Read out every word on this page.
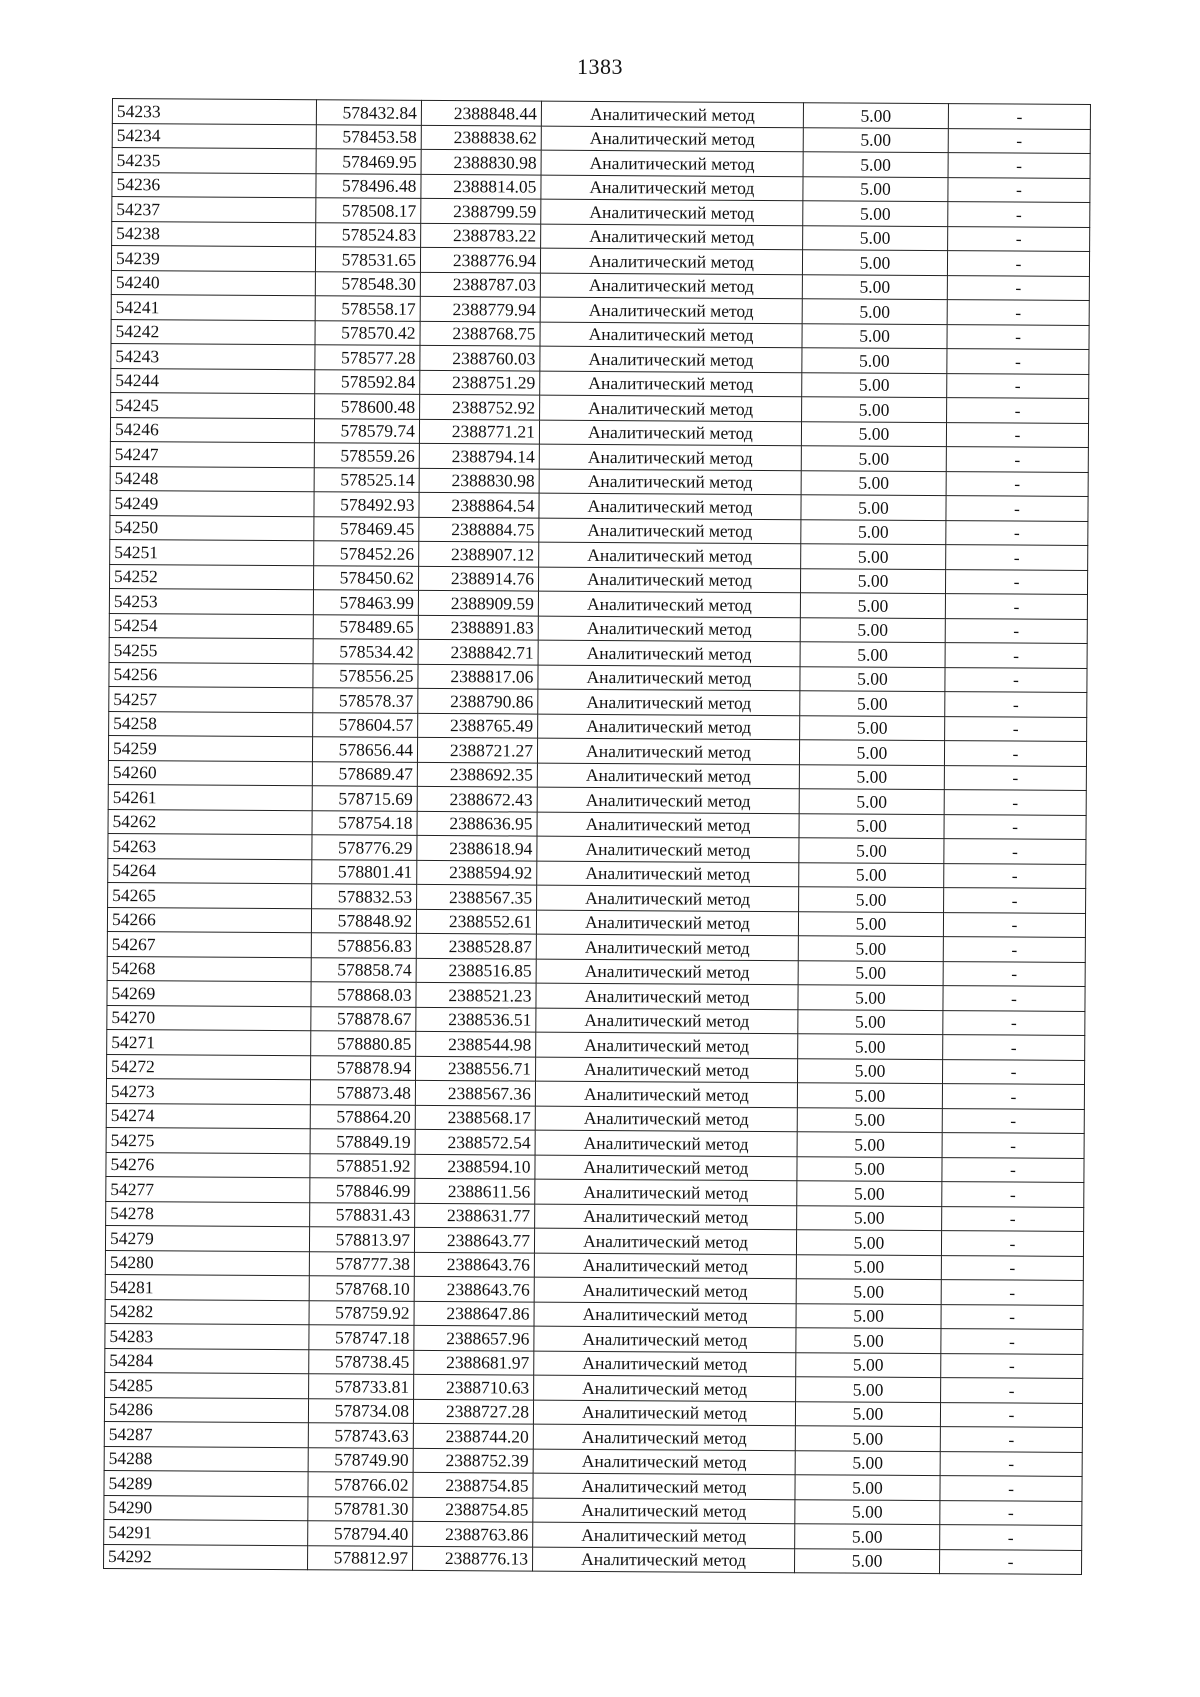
1383
54233	578432.84	2388848.44	Аналитический метод	5.00	-
54234	578453.58	2388838.62	Аналитический метод	5.00	-
54235	578469.95	2388830.98	Аналитический метод	5.00	-
54236	578496.48	2388814.05	Аналитический метод	5.00	-
54237	578508.17	2388799.59	Аналитический метод	5.00	-
54238	578524.83	2388783.22	Аналитический метод	5.00	-
54239	578531.65	2388776.94	Аналитический метод	5.00	-
54240	578548.30	2388787.03	Аналитический метод	5.00	-
54241	578558.17	2388779.94	Аналитический метод	5.00	-
54242	578570.42	2388768.75	Аналитический метод	5.00	-
54243	578577.28	2388760.03	Аналитический метод	5.00	-
54244	578592.84	2388751.29	Аналитический метод	5.00	-
54245	578600.48	2388752.92	Аналитический метод	5.00	-
54246	578579.74	2388771.21	Аналитический метод	5.00	-
54247	578559.26	2388794.14	Аналитический метод	5.00	-
54248	578525.14	2388830.98	Аналитический метод	5.00	-
54249	578492.93	2388864.54	Аналитический метод	5.00	-
54250	578469.45	2388884.75	Аналитический метод	5.00	-
54251	578452.26	2388907.12	Аналитический метод	5.00	-
54252	578450.62	2388914.76	Аналитический метод	5.00	-
54253	578463.99	2388909.59	Аналитический метод	5.00	-
54254	578489.65	2388891.83	Аналитический метод	5.00	-
54255	578534.42	2388842.71	Аналитический метод	5.00	-
54256	578556.25	2388817.06	Аналитический метод	5.00	-
54257	578578.37	2388790.86	Аналитический метод	5.00	-
54258	578604.57	2388765.49	Аналитический метод	5.00	-
54259	578656.44	2388721.27	Аналитический метод	5.00	-
54260	578689.47	2388692.35	Аналитический метод	5.00	-
54261	578715.69	2388672.43	Аналитический метод	5.00	-
54262	578754.18	2388636.95	Аналитический метод	5.00	-
54263	578776.29	2388618.94	Аналитический метод	5.00	-
54264	578801.41	2388594.92	Аналитический метод	5.00	-
54265	578832.53	2388567.35	Аналитический метод	5.00	-
54266	578848.92	2388552.61	Аналитический метод	5.00	-
54267	578856.83	2388528.87	Аналитический метод	5.00	-
54268	578858.74	2388516.85	Аналитический метод	5.00	-
54269	578868.03	2388521.23	Аналитический метод	5.00	-
54270	578878.67	2388536.51	Аналитический метод	5.00	-
54271	578880.85	2388544.98	Аналитический метод	5.00	-
54272	578878.94	2388556.71	Аналитический метод	5.00	-
54273	578873.48	2388567.36	Аналитический метод	5.00	-
54274	578864.20	2388568.17	Аналитический метод	5.00	-
54275	578849.19	2388572.54	Аналитический метод	5.00	-
54276	578851.92	2388594.10	Аналитический метод	5.00	-
54277	578846.99	2388611.56	Аналитический метод	5.00	-
54278	578831.43	2388631.77	Аналитический метод	5.00	-
54279	578813.97	2388643.77	Аналитический метод	5.00	-
54280	578777.38	2388643.76	Аналитический метод	5.00	-
54281	578768.10	2388643.76	Аналитический метод	5.00	-
54282	578759.92	2388647.86	Аналитический метод	5.00	-
54283	578747.18	2388657.96	Аналитический метод	5.00	-
54284	578738.45	2388681.97	Аналитический метод	5.00	-
54285	578733.81	2388710.63	Аналитический метод	5.00	-
54286	578734.08	2388727.28	Аналитический метод	5.00	-
54287	578743.63	2388744.20	Аналитический метод	5.00	-
54288	578749.90	2388752.39	Аналитический метод	5.00	-
54289	578766.02	2388754.85	Аналитический метод	5.00	-
54290	578781.30	2388754.85	Аналитический метод	5.00	-
54291	578794.40	2388763.86	Аналитический метод	5.00	-
54292	578812.97	2388776.13	Аналитический метод	5.00	-
